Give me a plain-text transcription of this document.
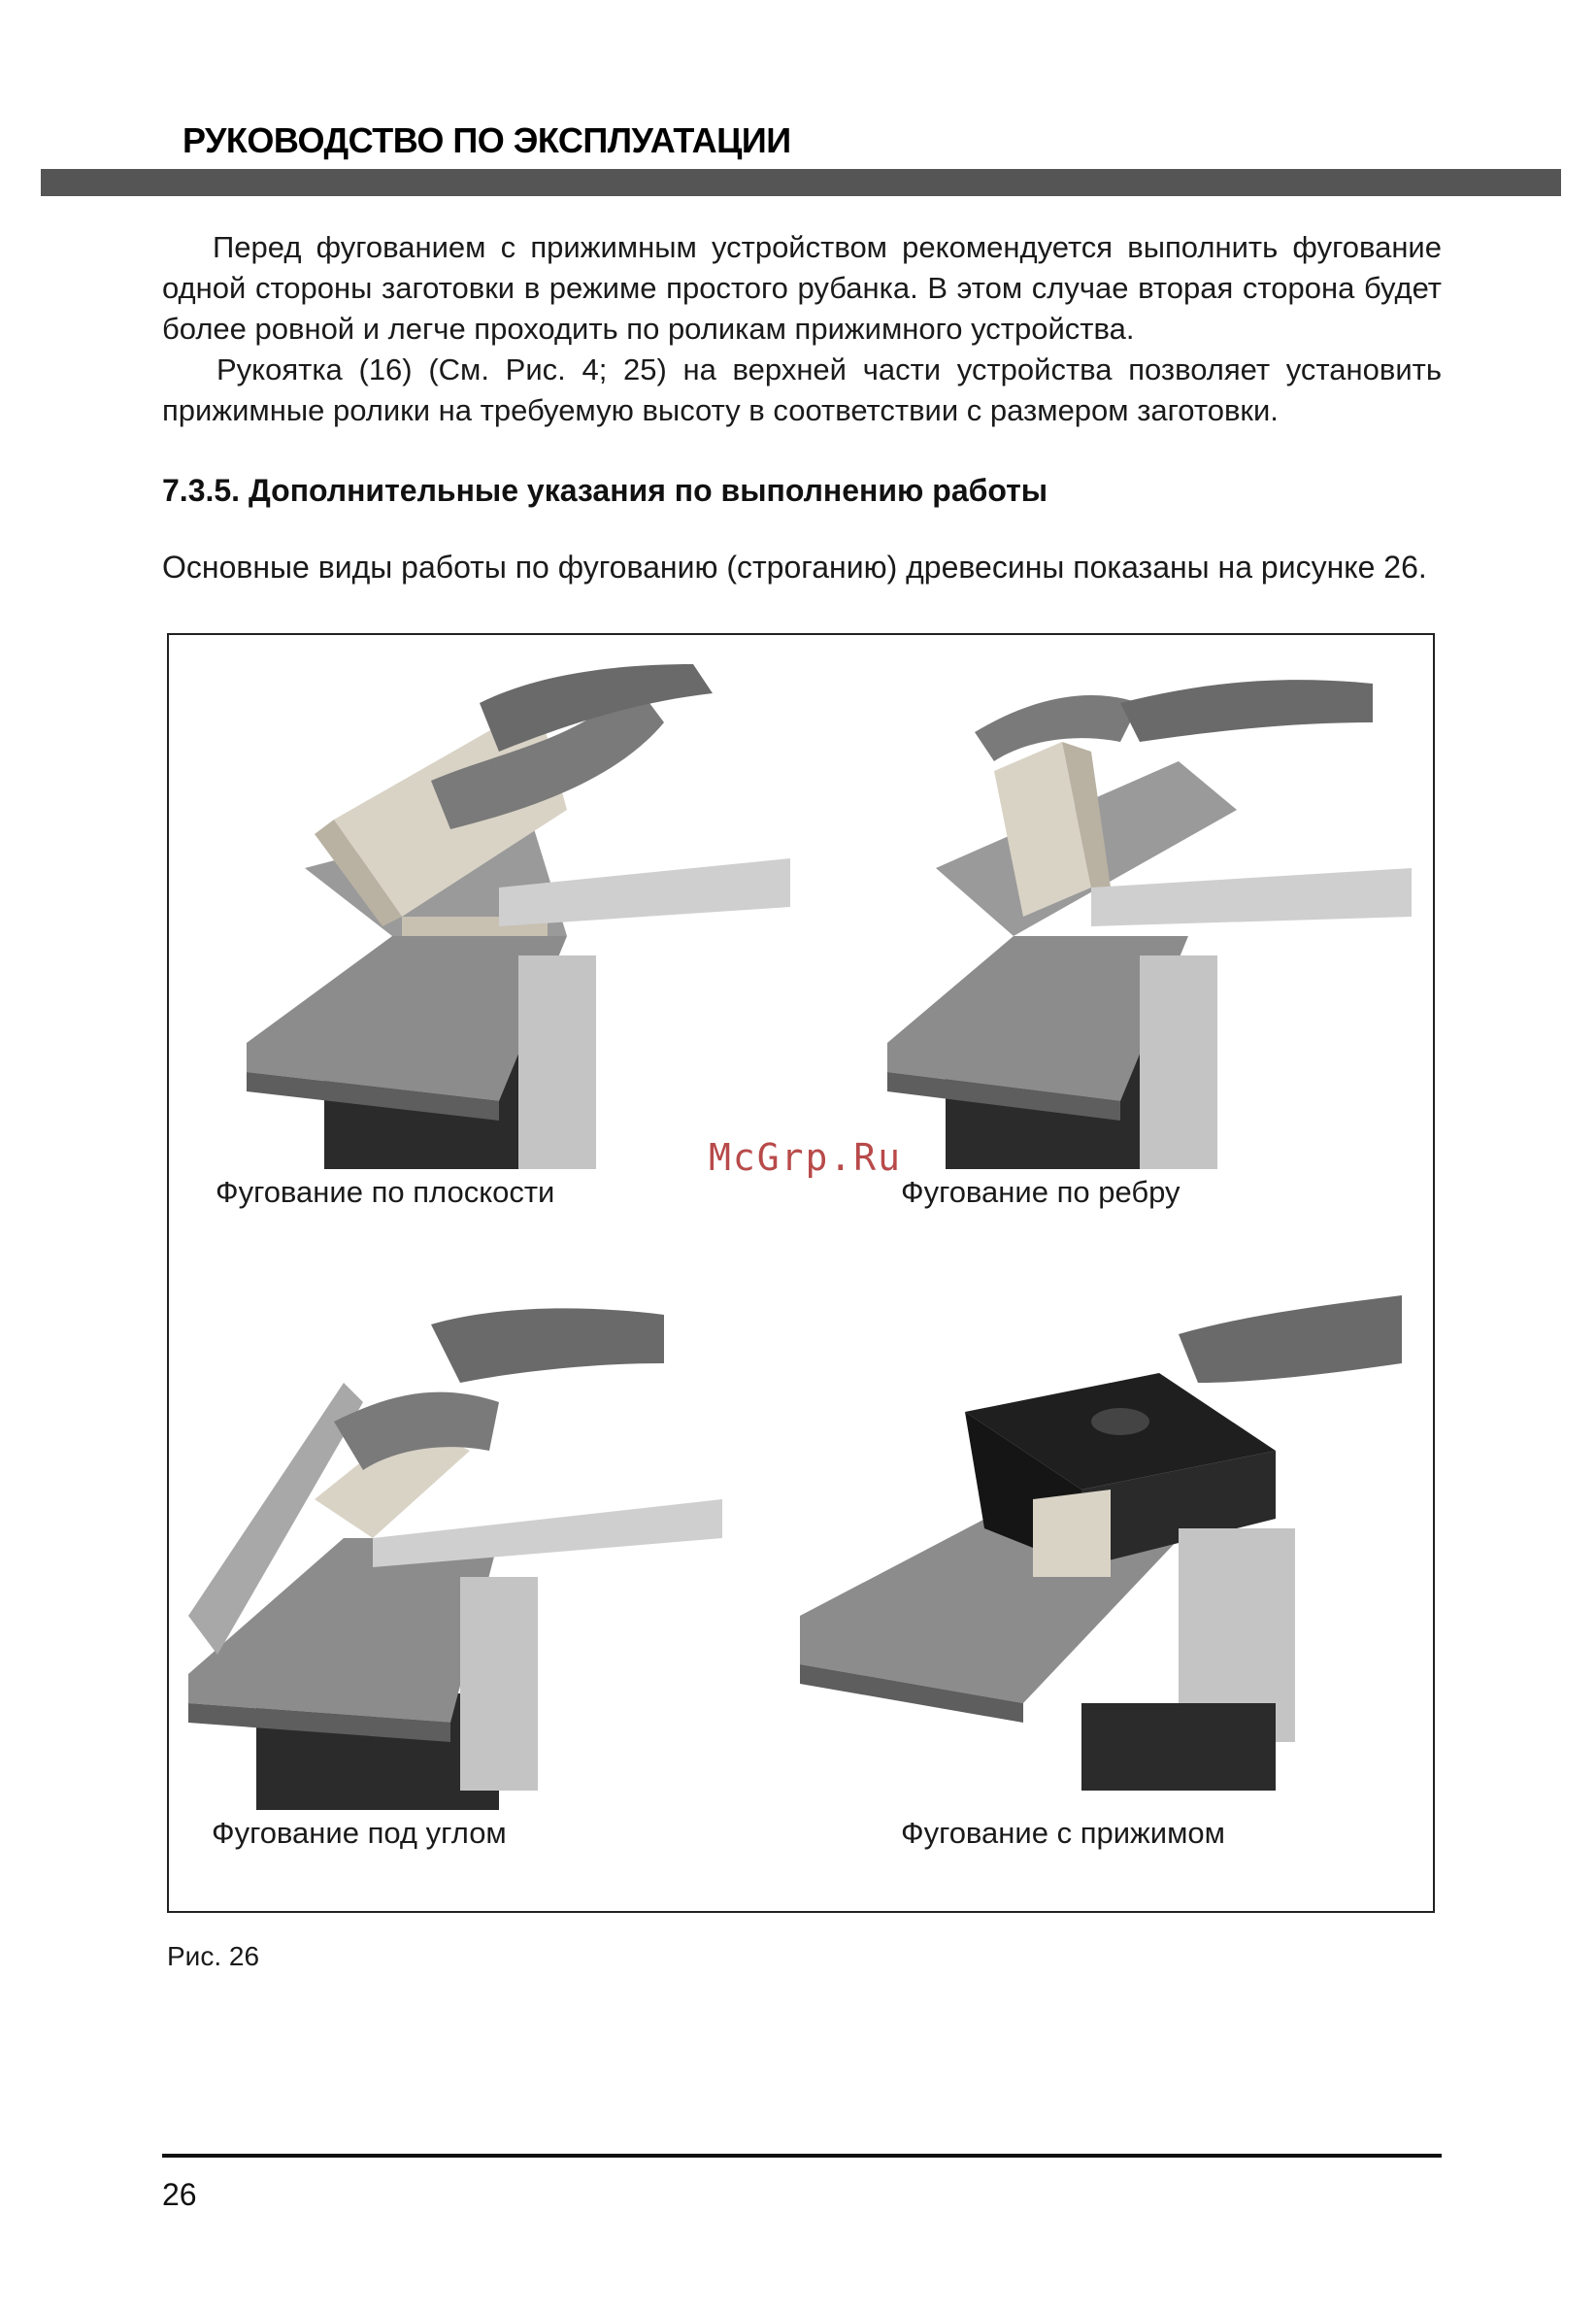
РУКОВОДСТВО ПО ЭКСПЛУАТАЦИИ
Перед фугованием с прижимным устройством рекомендуется выполнить фугование одной стороны заготовки в режиме простого рубанка. В этом случае вторая сторона будет более ровной и легче проходить по роликам прижимного устройства.
Рукоятка (16) (См. Рис. 4; 25) на верхней части устройства позволяет установить прижимные ролики на требуемую высоту в соответствии с размером заготовки.
7.3.5. Дополнительные указания по выполнению работы
Основные виды работы по фугованию (строганию) древесины показаны на рисунке 26.
Фугование по плоскости	Фугование по ребру
Фугование под углом	Фугование с прижимом
McGrp.Ru
Рис. 26
26
